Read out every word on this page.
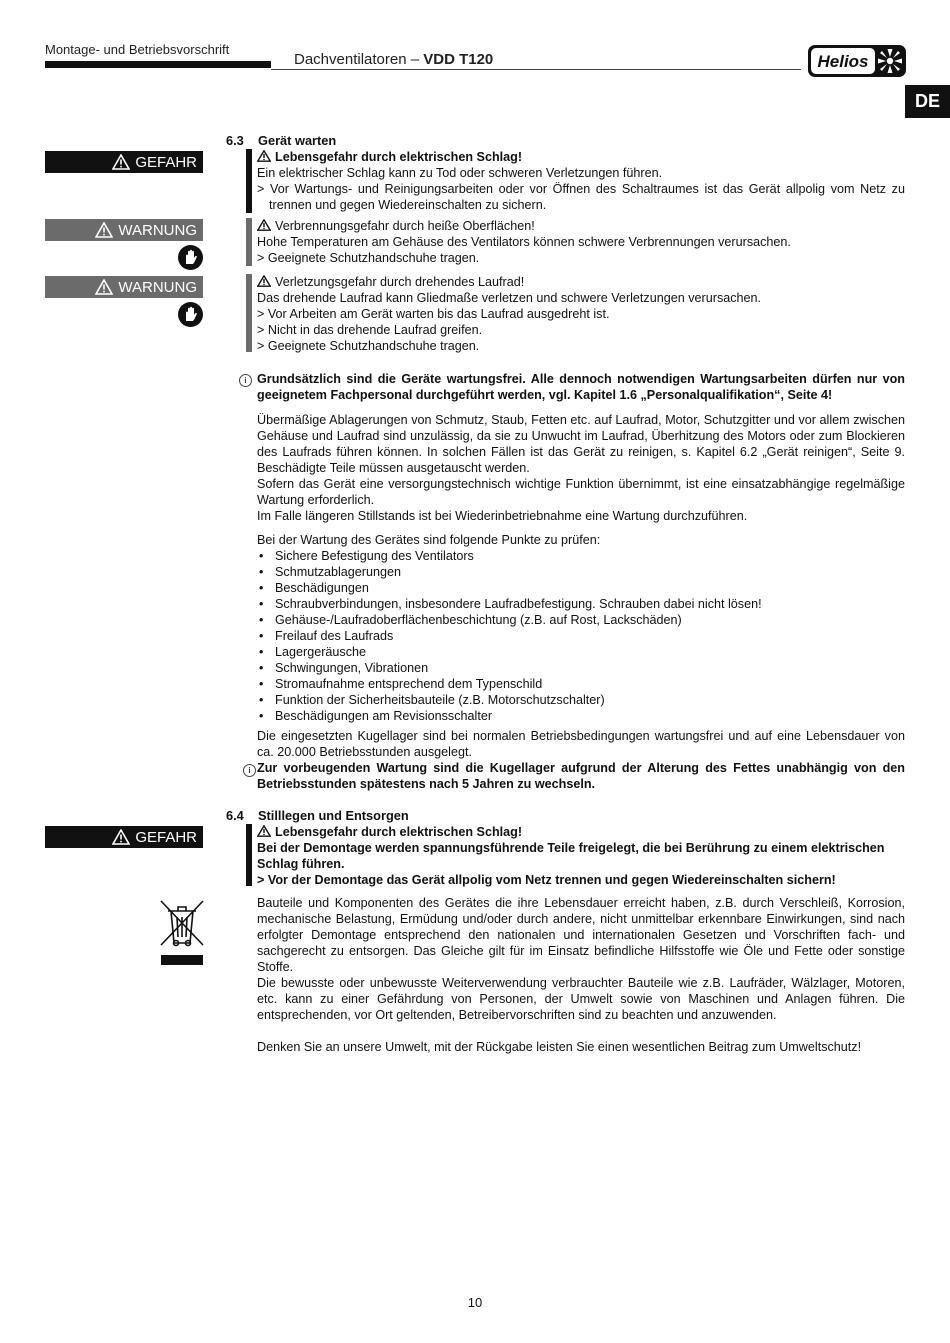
Montage- und Betriebsvorschrift
Dachventilatoren – VDD T120	Helios
DE
GEFAHR
WARNUNG
WARNUNG
GEFAHR
6.3 Gerät warten
Lebensgefahr durch elektrischen Schlag!
Ein elektrischer Schlag kann zu Tod oder schweren Verletzungen führen.
> Vor Wartungs- und Reinigungsarbeiten oder vor Öffnen des Schaltraumes ist das Gerät allpolig vom Netz zu trennen und gegen Wiedereinschalten zu sichern.
Verbrennungsgefahr durch heiße Oberflächen!
Hohe Temperaturen am Gehäuse des Ventilators können schwere Verbrennungen verursachen.
> Geeignete Schutzhandschuhe tragen.
Verletzungsgefahr durch drehendes Laufrad!
Das drehende Laufrad kann Gliedmaße verletzen und schwere Verletzungen verursachen.
> Vor Arbeiten am Gerät warten bis das Laufrad ausgedreht ist.
> Nicht in das drehende Laufrad greifen.
> Geeignete Schutzhandschuhe tragen.
i Grundsätzlich sind die Geräte wartungsfrei. Alle dennoch notwendigen Wartungsarbeiten dürfen nur von geeignetem Fachpersonal durchgeführt werden, vgl. Kapitel 1.6 „Personalqualifikation“, Seite 4!
Übermäßige Ablagerungen von Schmutz, Staub, Fetten etc. auf Laufrad, Motor, Schutzgitter und vor allem zwischen Gehäuse und Laufrad sind unzulässig, da sie zu Unwucht im Laufrad, Überhitzung des Motors oder zum Blockieren des Laufrads führen können. In solchen Fällen ist das Gerät zu reinigen, s. Kapitel 6.2 „Gerät reinigen“, Seite 9. Beschädigte Teile müssen ausgetauscht werden.
Sofern das Gerät eine versorgungstechnisch wichtige Funktion übernimmt, ist eine einsatzabhängige regelmäßige Wartung erforderlich.
Im Falle längeren Stillstands ist bei Wiederinbetriebnahme eine Wartung durchzuführen.
Bei der Wartung des Gerätes sind folgende Punkte zu prüfen:
• Sichere Befestigung des Ventilators
• Schmutzablagerungen
• Beschädigungen
• Schraubverbindungen, insbesondere Laufradbefestigung. Schrauben dabei nicht lösen!
• Gehäuse-/Laufradoberflächenbeschichtung (z.B. auf Rost, Lackschäden)
• Freilauf des Laufrads
• Lagergeräusche
• Schwingungen, Vibrationen
• Stromaufnahme entsprechend dem Typenschild
• Funktion der Sicherheitsbauteile (z.B. Motorschutzschalter)
• Beschädigungen am Revisionsschalter
Die eingesetzten Kugellager sind bei normalen Betriebsbedingungen wartungsfrei und auf eine Lebensdauer von ca. 20.000 Betriebsstunden ausgelegt.
i Zur vorbeugenden Wartung sind die Kugellager aufgrund der Alterung des Fettes unabhängig von den Betriebsstunden spätestens nach 5 Jahren zu wechseln.
6.4 Stilllegen und Entsorgen
Lebensgefahr durch elektrischen Schlag!
Bei der Demontage werden spannungsführende Teile freigelegt, die bei Berührung zu einem elektrischen Schlag führen.
> Vor der Demontage das Gerät allpolig vom Netz trennen und gegen Wiedereinschalten sichern!
Bauteile und Komponenten des Gerätes die ihre Lebensdauer erreicht haben, z.B. durch Verschleiß, Korrosion, mechanische Belastung, Ermüdung und/oder durch andere, nicht unmittelbar erkennbare Einwirkungen, sind nach erfolgter Demontage entsprechend den nationalen und internationalen Gesetzen und Vorschriften fach- und sachgerecht zu entsorgen. Das Gleiche gilt für im Einsatz befindliche Hilfsstoffe wie Öle und Fette oder sonstige Stoffe.
Die bewusste oder unbewusste Weiterverwendung verbrauchter Bauteile wie z.B. Laufräder, Wälzlager, Motoren, etc. kann zu einer Gefährdung von Personen, der Umwelt sowie von Maschinen und Anlagen führen. Die entsprechenden, vor Ort geltenden, Betreibervorschriften sind zu beachten und anzuwenden.
Denken Sie an unsere Umwelt, mit der Rückgabe leisten Sie einen wesentlichen Beitrag zum Umweltschutz!
10
